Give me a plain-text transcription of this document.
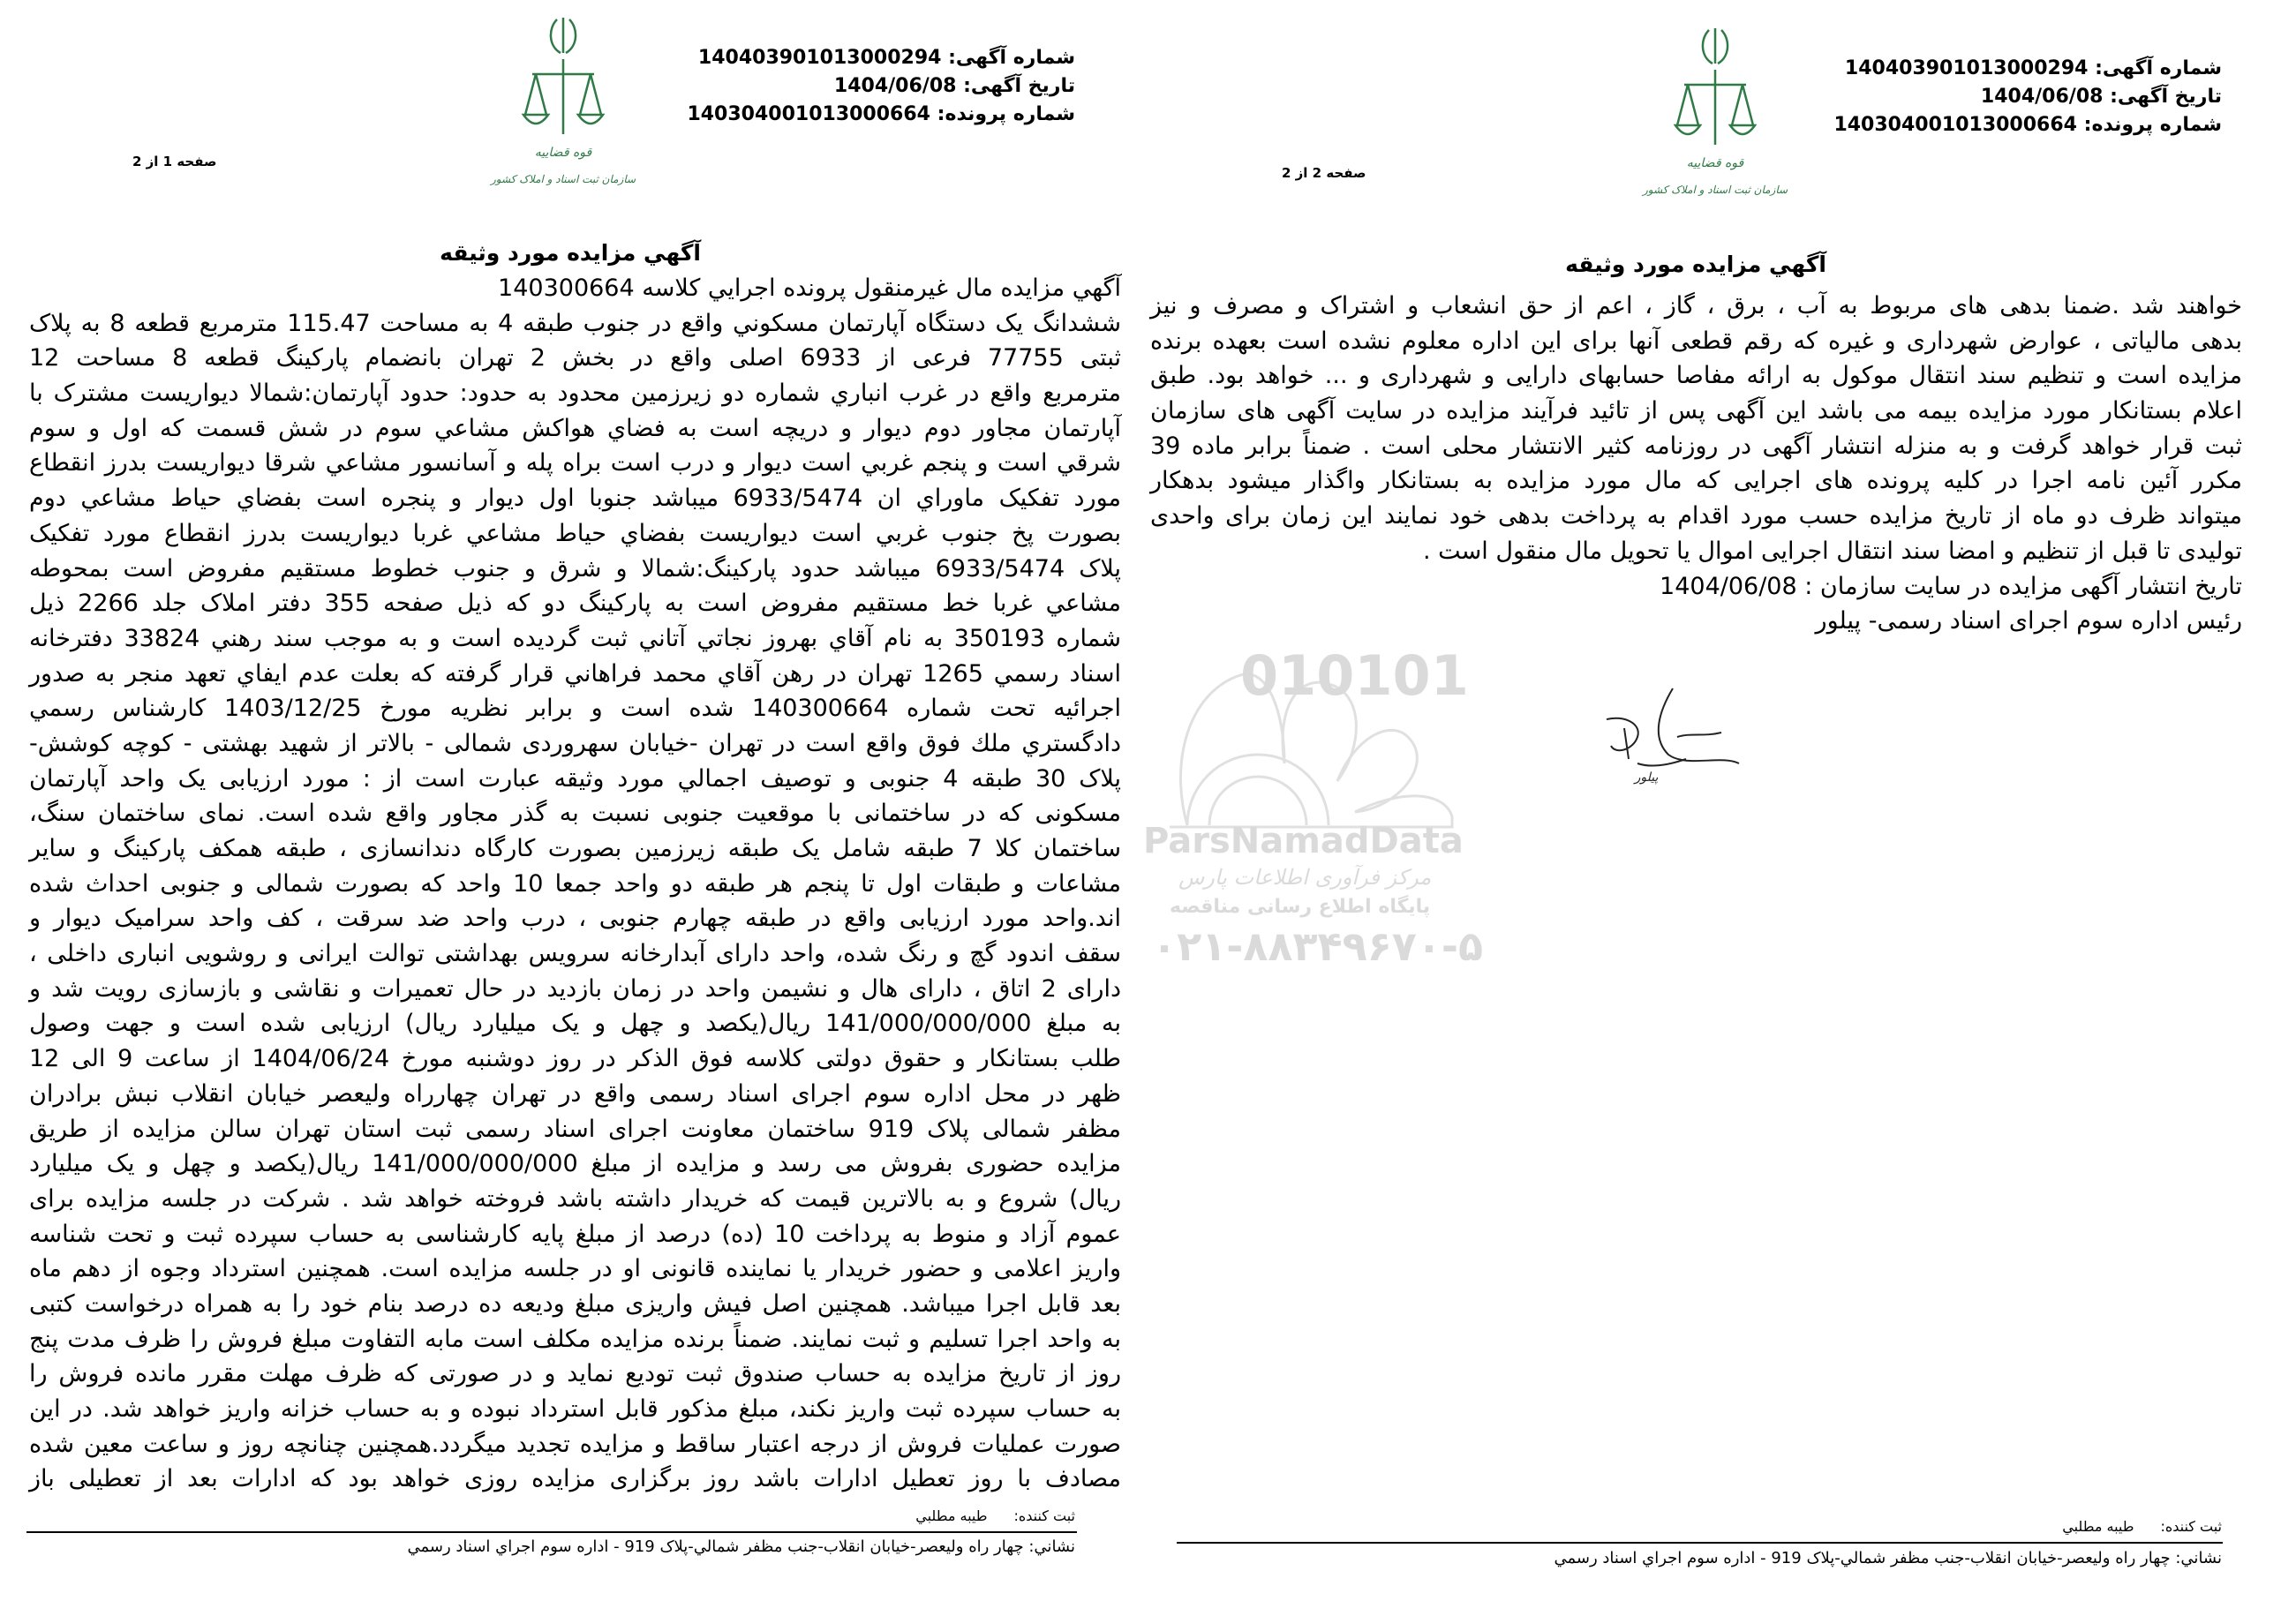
010101
ParsNamadData
مرکز فرآوری اطلاعات پارس
پایگاه اطلاع رسانی مناقصه
۰۲۱-۸۸۳۴۹۶۷۰-۵
شماره آگهی: 140403901013000294
تاریخ آگهی: 1404/06/08
شماره پرونده: 140304001013000664
قوه قضاییه
سازمان ثبت اسناد و املاک کشور
صفحه 1 از 2
آگهي مزايده مورد وثيقه
آگهي مزايده مال غيرمنقول پرونده اجرايي كلاسه 140300664
ششدانگ يک دستگاه آپارتمان مسكوني واقع در جنوب طبقه 4 به مساحت 115.47 مترمربع قطعه 8 به پلاک
ثبتی 77755 فرعی از 6933 اصلی واقع در بخش 2 تهران بانضمام پارکينگ قطعه 8 مساحت 12
مترمربع واقع در غرب انباري شماره دو زيرزمين محدود به حدود: حدود آپارتمان:شمالا ديواريست مشترک با
آپارتمان مجاور دوم ديوار و دريچه است به فضاي هواكش مشاعي سوم در شش قسمت كه اول و سوم
شرقي است و پنجم غربي است ديوار و درب است براه پله و آسانسور مشاعي شرقا ديواريست بدرز انقطاع
مورد تفکيک ماوراي ان 6933/5474 ميباشد جنوبا اول ديوار و پنجره است بفضاي حياط مشاعي دوم
بصورت پخ جنوب غربي است ديواريست بفضاي حياط مشاعي غربا ديواريست بدرز انقطاع مورد تفکيک
پلاک 6933/5474 ميباشد حدود پاركينگ:شمالا و شرق و جنوب خطوط مستقيم مفروض است بمحوطه
مشاعي غربا خط مستقيم مفروض است به پاركينگ دو كه ذيل صفحه 355 دفتر املاک جلد 2266 ذيل
شماره 350193 به نام آقاي بهروز نجاتي آتاني ثبت گرديده است و به موجب سند رهني 33824 دفترخانه
اسناد رسمي 1265 تهران در رهن آقاي محمد فراهاني قرار گرفته كه بعلت عدم ايفاي تعهد منجر به صدور
اجرائيه تحت شماره 140300664 شده است و برابر نظريه مورخ 1403/12/25 كارشناس رسمي
دادگستري ملك فوق واقع است در تهران -خيابان سهروردی شمالی - بالاتر از شهيد بهشتی - کوچه کوشش-
پلاک 30 طبقه 4 جنوبی و توصيف اجمالي مورد وثيقه عبارت است از : مورد ارزيابی يک واحد آپارتمان
مسکونی که در ساختمانی با موقعيت جنوبی نسبت به گذر مجاور واقع شده است. نمای ساختمان سنگ،
ساختمان کلا 7 طبقه شامل يک طبقه زيرزمين بصورت کارگاه دندانسازی ، طبقه همکف پارکينگ و ساير
مشاعات و طبقات اول تا پنجم هر طبقه دو واحد جمعا 10 واحد که بصورت شمالی و جنوبی احداث شده
اند.واحد مورد ارزيابی واقع در طبقه چهارم جنوبی ، درب واحد ضد سرقت ، کف واحد سراميک ديوار و
سقف اندود گچ و رنگ شده، واحد دارای آبدارخانه سرويس بهداشتی توالت ايرانی و روشويی انباری داخلی ،
دارای 2 اتاق ، دارای هال و نشيمن واحد در زمان بازديد در حال تعميرات و نقاشی و بازسازی رويت شد و
به مبلغ 141/000/000/000 ريال(يكصد و چهل و يک ميليارد ريال) ارزيابی شده است و جهت وصول
طلب بستانكار و حقوق دولتی كلاسه فوق الذكر در روز دوشنبه مورخ 1404/06/24 از ساعت 9 الی 12
ظهر در محل اداره سوم اجرای اسناد رسمی واقع در تهران چهارراه وليعصر خيابان انقلاب نبش برادران
مظفر شمالی پلاک 919 ساختمان معاونت اجرای اسناد رسمی ثبت استان تهران سالن مزايده از طريق
مزايده حضوری بفروش می رسد و مزايده از مبلغ 141/000/000/000 ريال(يكصد و چهل و يک ميليارد
ريال) شروع و به بالاترين قيمت كه خريدار داشته باشد فروخته خواهد شد . شركت در جلسه مزايده برای
عموم آزاد و منوط به پرداخت 10 (ده) درصد از مبلغ پايه كارشناسی به حساب سپرده ثبت و تحت شناسه
واريز اعلامی و حضور خريدار يا نماينده قانونی او در جلسه مزايده است. همچنين استرداد وجوه از دهم ماه
بعد قابل اجرا ميباشد. همچنين اصل فيش واريزی مبلغ وديعه ده درصد بنام خود را به همراه درخواست كتبی
به واحد اجرا تسليم و ثبت نمايند. ضمناً برنده مزايده مكلف است مابه التفاوت مبلغ فروش را ظرف مدت پنج
روز از تاريخ مزايده به حساب صندوق ثبت توديع نمايد و در صورتی كه ظرف مهلت مقرر مانده فروش را
به حساب سپرده ثبت واريز نكند، مبلغ مذكور قابل استرداد نبوده و به حساب خزانه واريز خواهد شد. در اين
صورت عمليات فروش از درجه اعتبار ساقط و مزايده تجديد ميگردد.همچنين چنانچه روز و ساعت معين شده
مصادف با روز تعطيل ادارات باشد روز برگزاری مزايده روزی خواهد بود كه ادارات بعد از تعطيلی باز
ثبت کننده:طيبه مطلبي
نشاني: چهار راه وليعصر-خيابان انقلاب-جنب مظفر شمالي-پلاک 919 - اداره سوم اجراي اسناد رسمي
شماره آگهی: 140403901013000294
تاریخ آگهی: 1404/06/08
شماره پرونده: 140304001013000664
قوه قضاییه
سازمان ثبت اسناد و املاک کشور
صفحه 2 از 2
آگهي مزايده مورد وثيقه
خواهند شد .ضمنا بدهی های مربوط به آب ، برق ، گاز ، اعم از حق انشعاب و اشتراک و مصرف و نيز
بدهی مالياتی ، عوارض شهرداری و غيره كه رقم قطعی آنها برای اين اداره معلوم نشده است بعهده برنده
مزايده است و تنظيم سند انتقال موكول به ارائه مفاصا حسابهای دارايی و شهرداری و ... خواهد بود. طبق
اعلام بستانكار مورد مزايده بيمه می باشد اين آگهی پس از تائيد فرآيند مزايده در سايت آگهی های سازمان
ثبت قرار خواهد گرفت و به منزله انتشار آگهی در روزنامه كثير الانتشار محلی است . ضمناً برابر ماده 39
مكرر آئين نامه اجرا در كليه پرونده های اجرايی كه مال مورد مزايده به بستانكار واگذار ميشود بدهكار
ميتواند ظرف دو ماه از تاريخ مزايده حسب مورد اقدام به پرداخت بدهی خود نمايند اين زمان برای واحدی
توليدی تا قبل از تنظيم و امضا سند انتقال اجرايی اموال يا تحويل مال منقول است .
تاريخ انتشار آگهی مزايده در سايت سازمان : 1404/06/08
رئيس اداره سوم اجرای اسناد رسمی- پيلور
پیلور
ثبت کننده:طيبه مطلبي
نشاني: چهار راه وليعصر-خيابان انقلاب-جنب مظفر شمالي-پلاک 919 - اداره سوم اجراي اسناد رسمي
